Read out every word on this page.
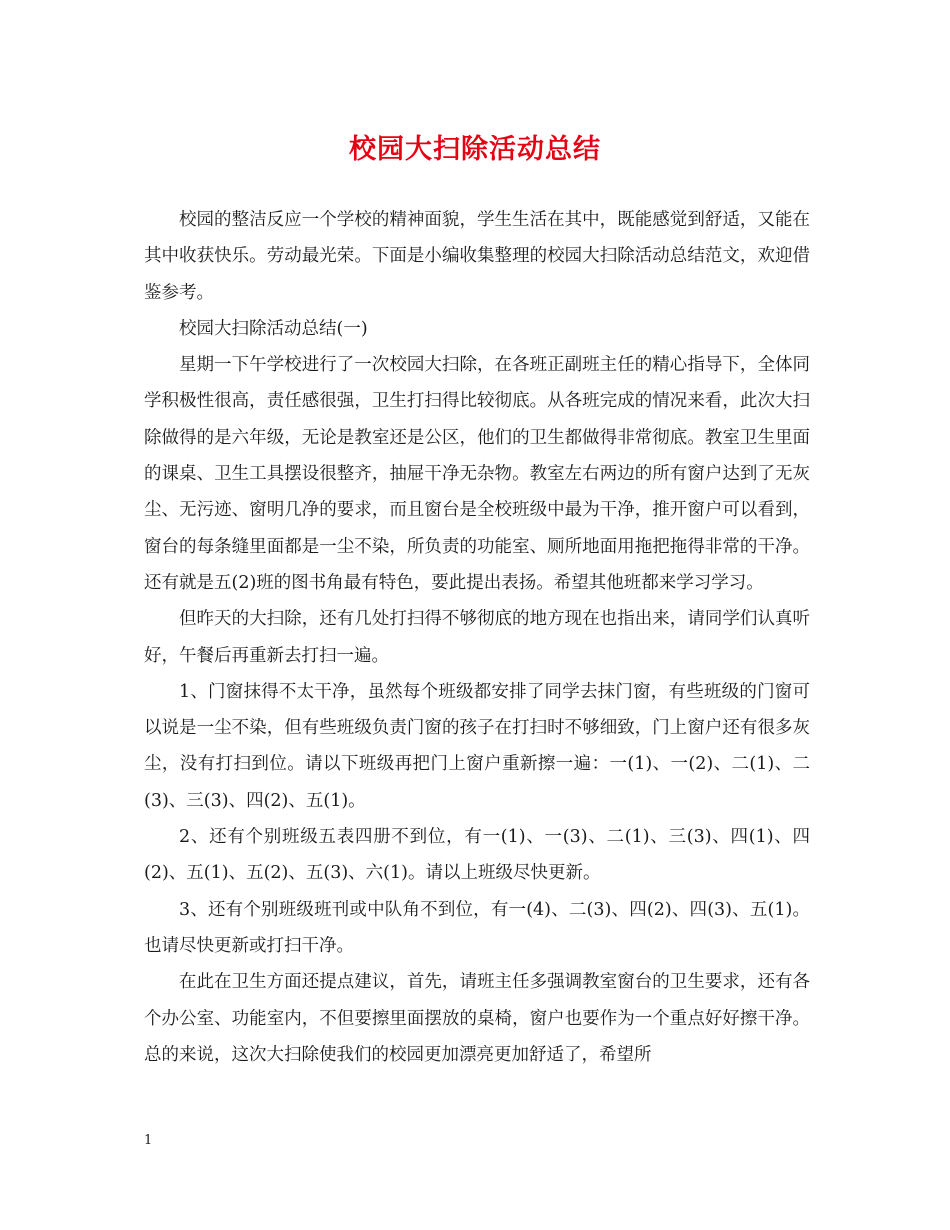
校园大扫除活动总结

校园的整洁反应一个学校的精神面貌，学生生活在其中，既能感觉到舒适，又能在其中收获快乐。劳动最光荣。下面是小编收集整理的校园大扫除活动总结范文，欢迎借鉴参考。

校园大扫除活动总结(一)

星期一下午学校进行了一次校园大扫除，在各班正副班主任的精心指导下，全体同学积极性很高，责任感很强，卫生打扫得比较彻底。从各班完成的情况来看，此次大扫除做得的是六年级，无论是教室还是公区，他们的卫生都做得非常彻底。教室卫生里面的课桌、卫生工具摆设很整齐，抽屉干净无杂物。教室左右两边的所有窗户达到了无灰尘、无污迹、窗明几净的要求，而且窗台是全校班级中最为干净，推开窗户可以看到，窗台的每条缝里面都是一尘不染，所负责的功能室、厕所地面用拖把拖得非常的干净。还有就是五(2)班的图书角最有特色，要此提出表扬。希望其他班都来学习学习。

但昨天的大扫除，还有几处打扫得不够彻底的地方现在也指出来，请同学们认真听好，午餐后再重新去打扫一遍。

1、门窗抹得不太干净，虽然每个班级都安排了同学去抹门窗，有些班级的门窗可以说是一尘不染，但有些班级负责门窗的孩子在打扫时不够细致，门上窗户还有很多灰尘，没有打扫到位。请以下班级再把门上窗户重新擦一遍：一(1)、一(2)、二(1)、二(3)、三(3)、四(2)、五(1)。

2、还有个别班级五表四册不到位，有一(1)、一(3)、二(1)、三(3)、四(1)、四(2)、五(1)、五(2)、五(3)、六(1)。请以上班级尽快更新。

3、还有个别班级班刊或中队角不到位，有一(4)、二(3)、四(2)、四(3)、五(1)。也请尽快更新或打扫干净。

在此在卫生方面还提点建议，首先，请班主任多强调教室窗台的卫生要求，还有各个办公室、功能室内，不但要擦里面摆放的桌椅，窗户也要作为一个重点好好擦干净。总的来说，这次大扫除使我们的校园更加漂亮更加舒适了，希望所

1
